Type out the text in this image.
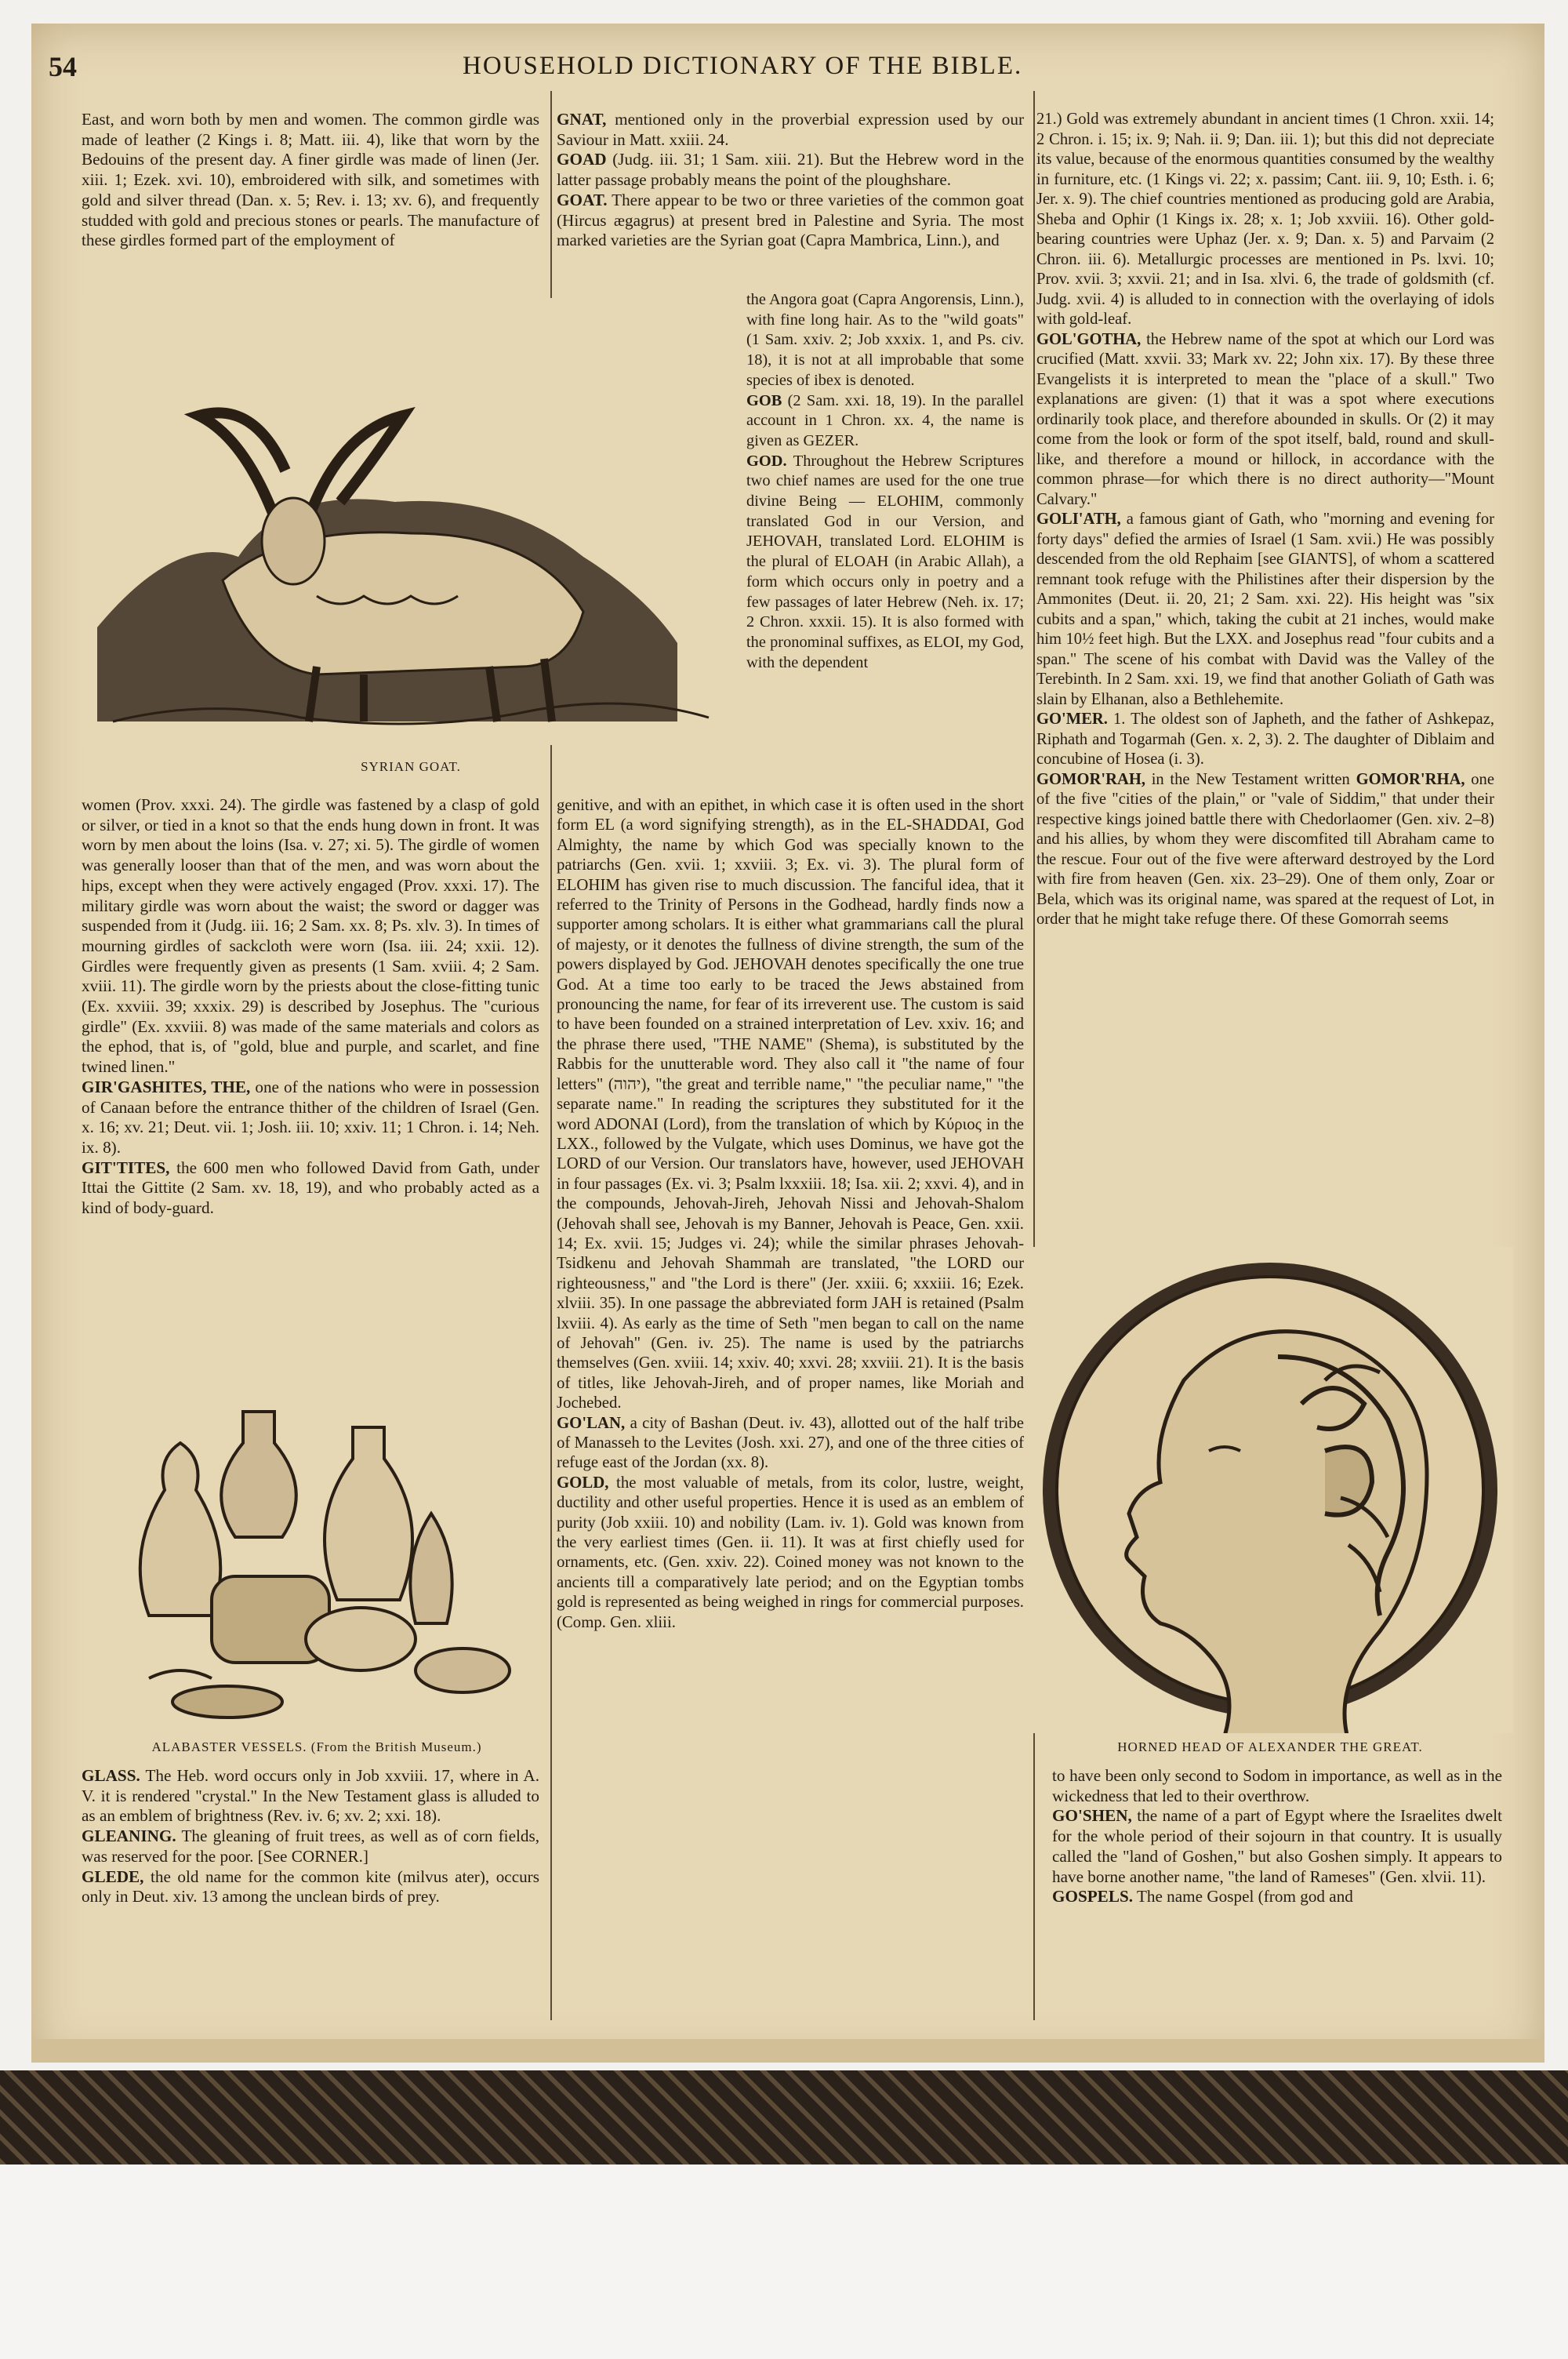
54	HOUSEHOLD DICTIONARY OF THE BIBLE.

East, and worn both by men and women. The common girdle was made of leather (2 Kings i. 8; Matt. iii. 4), like that worn by the Bedouins of the present day. A finer girdle was made of linen (Jer. xiii. 1; Ezek. xvi. 10), embroidered with silk, and sometimes with gold and silver thread (Dan. x. 5; Rev. i. 13; xv. 6), and frequently studded with gold and precious stones or pearls. The manufacture of these girdles formed part of the employment of

SYRIAN GOAT.

women (Prov. xxxi. 24). The girdle was fastened by a clasp of gold or silver, or tied in a knot so that the ends hung down in front. It was worn by men about the loins (Isa. v. 27; xi. 5). The girdle of women was generally looser than that of the men, and was worn about the hips, except when they were actively engaged (Prov. xxxi. 17). The military girdle was worn about the waist; the sword or dagger was suspended from it (Judg. iii. 16; 2 Sam. xx. 8; Ps. xlv. 3). In times of mourning girdles of sackcloth were worn (Isa. iii. 24; xxii. 12). Girdles were frequently given as presents (1 Sam. xviii. 4; 2 Sam. xviii. 11). The girdle worn by the priests about the close-fitting tunic (Ex. xxviii. 39; xxxix. 29) is described by Josephus. The "curious girdle" (Ex. xxviii. 8) was made of the same materials and colors as the ephod, that is, of "gold, blue and purple, and scarlet, and fine twined linen."

GIR'GASHITES, THE, one of the nations who were in possession of Canaan before the entrance thither of the children of Israel (Gen. x. 16; xv. 21; Deut. vii. 1; Josh. iii. 10; xxiv. 11; 1 Chron. i. 14; Neh. ix. 8).

GIT'TITES, the 600 men who followed David from Gath, under Ittai the Gittite (2 Sam. xv. 18, 19), and who probably acted as a kind of body-guard.

ALABASTER VESSELS. (From the British Museum.)

GLASS. The Heb. word occurs only in Job xxviii. 17, where in A. V. it is rendered "crystal." In the New Testament glass is alluded to as an emblem of brightness (Rev. iv. 6; xv. 2; xxi. 18).

GLEANING. The gleaning of fruit trees, as well as of corn fields, was reserved for the poor. [See CORNER.]

GLEDE, the old name for the common kite (milvus ater), occurs only in Deut. xiv. 13 among the unclean birds of prey.

GNAT, mentioned only in the proverbial expression used by our Saviour in Matt. xxiii. 24.

GOAD (Judg. iii. 31; 1 Sam. xiii. 21). But the Hebrew word in the latter passage probably means the point of the ploughshare.

GOAT. There appear to be two or three varieties of the common goat (Hircus ægagrus) at present bred in Palestine and Syria. The most marked varieties are the Syrian goat (Capra Mambrica, Linn.), and

the Angora goat (Capra Angorensis, Linn.), with fine long hair. As to the "wild goats" (1 Sam. xxiv. 2; Job xxxix. 1, and Ps. civ. 18), it is not at all improbable that some species of ibex is denoted.

GOB (2 Sam. xxi. 18, 19). In the parallel account in 1 Chron. xx. 4, the name is given as GEZER.

GOD. Throughout the Hebrew Scriptures two chief names are used for the one true divine Being — ELOHIM, commonly translated God in our Version, and JEHOVAH, translated Lord. ELOHIM is the plural of ELOAH (in Arabic Allah), a form which occurs only in poetry and a few passages of later Hebrew (Neh. ix. 17; 2 Chron. xxxii. 15). It is also formed with the pronominal suffixes, as ELOI, my God, with the dependent

genitive, and with an epithet, in which case it is often used in the short form EL (a word signifying strength), as in the EL-SHADDAI, God Almighty, the name by which God was specially known to the patriarchs (Gen. xvii. 1; xxviii. 3; Ex. vi. 3). The plural form of ELOHIM has given rise to much discussion. The fanciful idea, that it referred to the Trinity of Persons in the Godhead, hardly finds now a supporter among scholars. It is either what grammarians call the plural of majesty, or it denotes the fullness of divine strength, the sum of the powers displayed by God. JEHOVAH denotes specifically the one true God. At a time too early to be traced the Jews abstained from pronouncing the name, for fear of its irreverent use. The custom is said to have been founded on a strained interpretation of Lev. xxiv. 16; and the phrase there used, "THE NAME" (Shema), is substituted by the Rabbis for the unutterable word. They also call it "the name of four letters" (יהוה), "the great and terrible name," "the peculiar name," "the separate name." In reading the scriptures they substituted for it the word ADONAI (Lord), from the translation of which by Κύριος in the LXX., followed by the Vulgate, which uses Dominus, we have got the LORD of our Version. Our translators have, however, used JEHOVAH in four passages (Ex. vi. 3; Psalm lxxxiii. 18; Isa. xii. 2; xxvi. 4), and in the compounds, Jehovah-Jireh, Jehovah Nissi and Jehovah-Shalom (Jehovah shall see, Jehovah is my Banner, Jehovah is Peace, Gen. xxii. 14; Ex. xvii. 15; Judges vi. 24); while the similar phrases Jehovah-Tsidkenu and Jehovah Shammah are translated, "the LORD our righteousness," and "the Lord is there" (Jer. xxiii. 6; xxxiii. 16; Ezek. xlviii. 35). In one passage the abbreviated form JAH is retained (Psalm lxviii. 4). As early as the time of Seth "men began to call on the name of Jehovah" (Gen. iv. 25). The name is used by the patriarchs themselves (Gen. xviii. 14; xxiv. 40; xxvi. 28; xxviii. 21). It is the basis of titles, like Jehovah-Jireh, and of proper names, like Moriah and Jochebed.

GO'LAN, a city of Bashan (Deut. iv. 43), allotted out of the half tribe of Manasseh to the Levites (Josh. xxi. 27), and one of the three cities of refuge east of the Jordan (xx. 8).

GOLD, the most valuable of metals, from its color, lustre, weight, ductility and other useful properties. Hence it is used as an emblem of purity (Job xxiii. 10) and nobility (Lam. iv. 1). Gold was known from the very earliest times (Gen. ii. 11). It was at first chiefly used for ornaments, etc. (Gen. xxiv. 22). Coined money was not known to the ancients till a comparatively late period; and on the Egyptian tombs gold is represented as being weighed in rings for commercial purposes. (Comp. Gen. xliii.

21.) Gold was extremely abundant in ancient times (1 Chron. xxii. 14; 2 Chron. i. 15; ix. 9; Nah. ii. 9; Dan. iii. 1); but this did not depreciate its value, because of the enormous quantities consumed by the wealthy in furniture, etc. (1 Kings vi. 22; x. passim; Cant. iii. 9, 10; Esth. i. 6; Jer. x. 9). The chief countries mentioned as producing gold are Arabia, Sheba and Ophir (1 Kings ix. 28; x. 1; Job xxviii. 16). Other gold-bearing countries were Uphaz (Jer. x. 9; Dan. x. 5) and Parvaim (2 Chron. iii. 6). Metallurgic processes are mentioned in Ps. lxvi. 10; Prov. xvii. 3; xxvii. 21; and in Isa. xlvi. 6, the trade of goldsmith (cf. Judg. xvii. 4) is alluded to in connection with the overlaying of idols with gold-leaf.

GOL'GOTHA, the Hebrew name of the spot at which our Lord was crucified (Matt. xxvii. 33; Mark xv. 22; John xix. 17). By these three Evangelists it is interpreted to mean the "place of a skull." Two explanations are given: (1) that it was a spot where executions ordinarily took place, and therefore abounded in skulls. Or (2) it may come from the look or form of the spot itself, bald, round and skull-like, and therefore a mound or hillock, in accordance with the common phrase—for which there is no direct authority—"Mount Calvary."

GOLI'ATH, a famous giant of Gath, who "morning and evening for forty days" defied the armies of Israel (1 Sam. xvii.) He was possibly descended from the old Rephaim [see GIANTS], of whom a scattered remnant took refuge with the Philistines after their dispersion by the Ammonites (Deut. ii. 20, 21; 2 Sam. xxi. 22). His height was "six cubits and a span," which, taking the cubit at 21 inches, would make him 10½ feet high. But the LXX. and Josephus read "four cubits and a span." The scene of his combat with David was the Valley of the Terebinth. In 2 Sam. xxi. 19, we find that another Goliath of Gath was slain by Elhanan, also a Bethlehemite.

GO'MER. 1. The oldest son of Japheth, and the father of Ashkepaz, Riphath and Togarmah (Gen. x. 2, 3). 2. The daughter of Diblaim and concubine of Hosea (i. 3).

GOMOR'RAH, in the New Testament written GOMOR'RHA, one of the five "cities of the plain," or "vale of Siddim," that under their respective kings joined battle there with Chedorlaomer (Gen. xiv. 2–8) and his allies, by whom they were discomfited till Abraham came to the rescue. Four out of the five were afterward destroyed by the Lord with fire from heaven (Gen. xix. 23–29). One of them only, Zoar or Bela, which was its original name, was spared at the request of Lot, in order that he might take refuge there. Of these Gomorrah seems

HORNED HEAD OF ALEXANDER THE GREAT.

to have been only second to Sodom in importance, as well as in the wickedness that led to their overthrow.

GO'SHEN, the name of a part of Egypt where the Israelites dwelt for the whole period of their sojourn in that country. It is usually called the "land of Goshen," but also Goshen simply. It appears to have borne another name, "the land of Rameses" (Gen. xlvii. 11).

GOSPELS. The name Gospel (from god and
